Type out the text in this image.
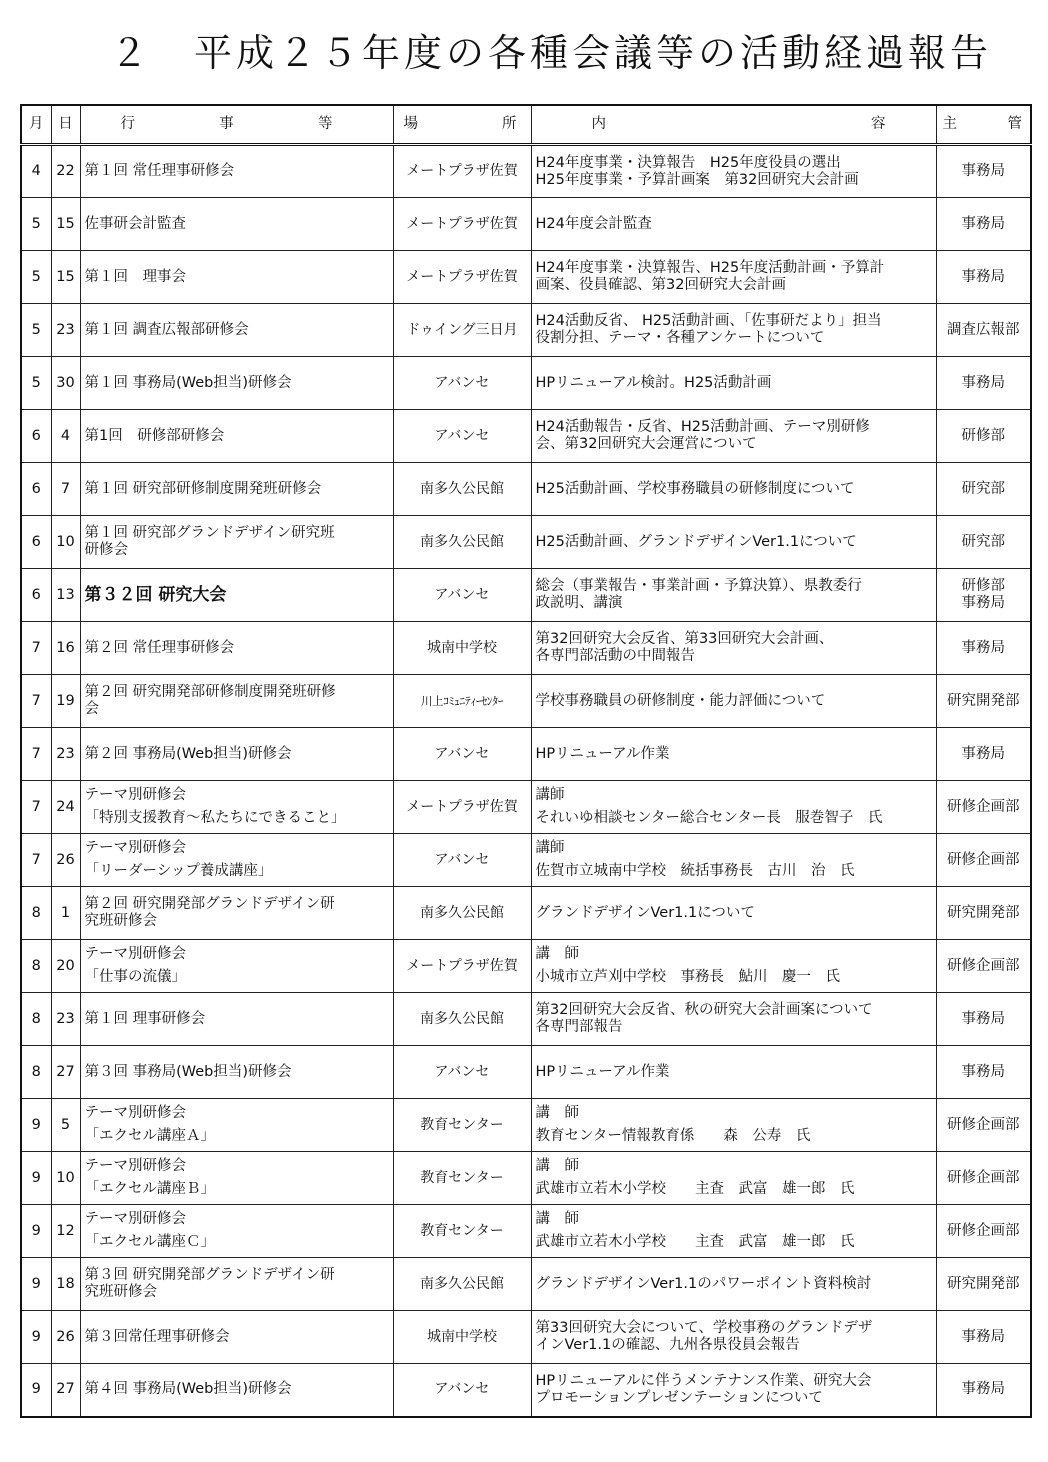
２　平成２５年度の各種会議等の活動経過報告
月	日	行　事　等	場　所	内　容	主　管
4	22	第１回 常任理事研修会	メートプラザ佐賀	H24年度事業・決算報告　H25年度役員の選出
H25年度事業・予算計画案　第32回研究大会計画	事務局

5	15	佐事研会計監査	メートプラザ佐賀	H24年度会計監査	事務局

5	15	第１回　理事会	メートプラザ佐賀	H24年度事業・決算報告、H25年度活動計画・予算計
画案、役員確認、第32回研究大会計画	事務局

5	23	第１回 調査広報部研修会	ドゥイング三日月	H24活動反省、 H25活動計画、「佐事研だより」担当
役割分担、テーマ・各種アンケートについて	調査広報部

5	30	第１回 事務局(Web担当)研修会	アバンセ	HPリニューアル検討。H25活動計画	事務局

6	4	第1回　研修部研修会	アバンセ	H24活動報告・反省、H25活動計画、テーマ別研修
会、第32回研究大会運営について	研修部

6	7	第１回 研究部研修制度開発班研修会	南多久公民館	H25活動計画、学校事務職員の研修制度について	研究部

6	10	第１回 研究部グランドデザイン研究班
研修会	南多久公民館	H25活動計画、グランドデザインVer1.1について	研究部

6	13	第３２回 研究大会	アバンセ	総会（事業報告・事業計画・予算決算）、県教委行
政説明、講演	研修部
事務局

7	16	第２回 常任理事研修会	城南中学校	第32回研究大会反省、第33回研究大会計画、
各専門部活動の中間報告	事務局

7	19	第２回 研究開発部研修制度開発班研修
会	川上ｺﾐｭﾆﾃｨｰｾﾝﾀｰ	学校事務職員の研修制度・能力評価について	研究開発部

7	23	第２回 事務局(Web担当)研修会	アバンセ	HPリニューアル作業	事務局

7	24	テーマ別研修会
「特別支援教育～私たちにできること」	メートプラザ佐賀	講師
それいゆ相談センター総合センター長　服巻智子　氏	研修企画部

7	26	テーマ別研修会
「リーダーシップ養成講座」	アバンセ	講師
佐賀市立城南中学校　統括事務長　古川　治　氏	研修企画部

8	1	第２回 研究開発部グランドデザイン研
究班研修会	南多久公民館	グランドデザインVer1.1について	研究開発部

8	20	テーマ別研修会
「仕事の流儀」	メートプラザ佐賀	講　師
小城市立芦刈中学校　事務長　鮎川　慶一　氏	研修企画部

8	23	第１回 理事研修会	南多久公民館	第32回研究大会反省、秋の研究大会計画案について
各専門部報告	事務局

8	27	第３回 事務局(Web担当)研修会	アバンセ	HPリニューアル作業	事務局

9	5	テーマ別研修会
「エクセル講座Ａ」	教育センター	講　師
教育センター情報教育係　　森　公寿　氏	研修企画部

9	10	テーマ別研修会
「エクセル講座Ｂ」	教育センター	講　師
武雄市立若木小学校　　主査　武富　雄一郎　氏	研修企画部

9	12	テーマ別研修会
「エクセル講座Ｃ」	教育センター	講　師
武雄市立若木小学校　　主査　武富　雄一郎　氏	研修企画部

9	18	第３回 研究開発部グランドデザイン研
究班研修会	南多久公民館	グランドデザインVer1.1のパワーポイント資料検討	研究開発部

9	26	第３回常任理事研修会	城南中学校	第33回研究大会について、学校事務のグランドデザ
インVer1.1の確認、九州各県役員会報告	事務局

9	27	第４回 事務局(Web担当)研修会	アバンセ	HPリニューアルに伴うメンテナンス作業、研究大会
プロモーションプレゼンテーションについて	事務局
